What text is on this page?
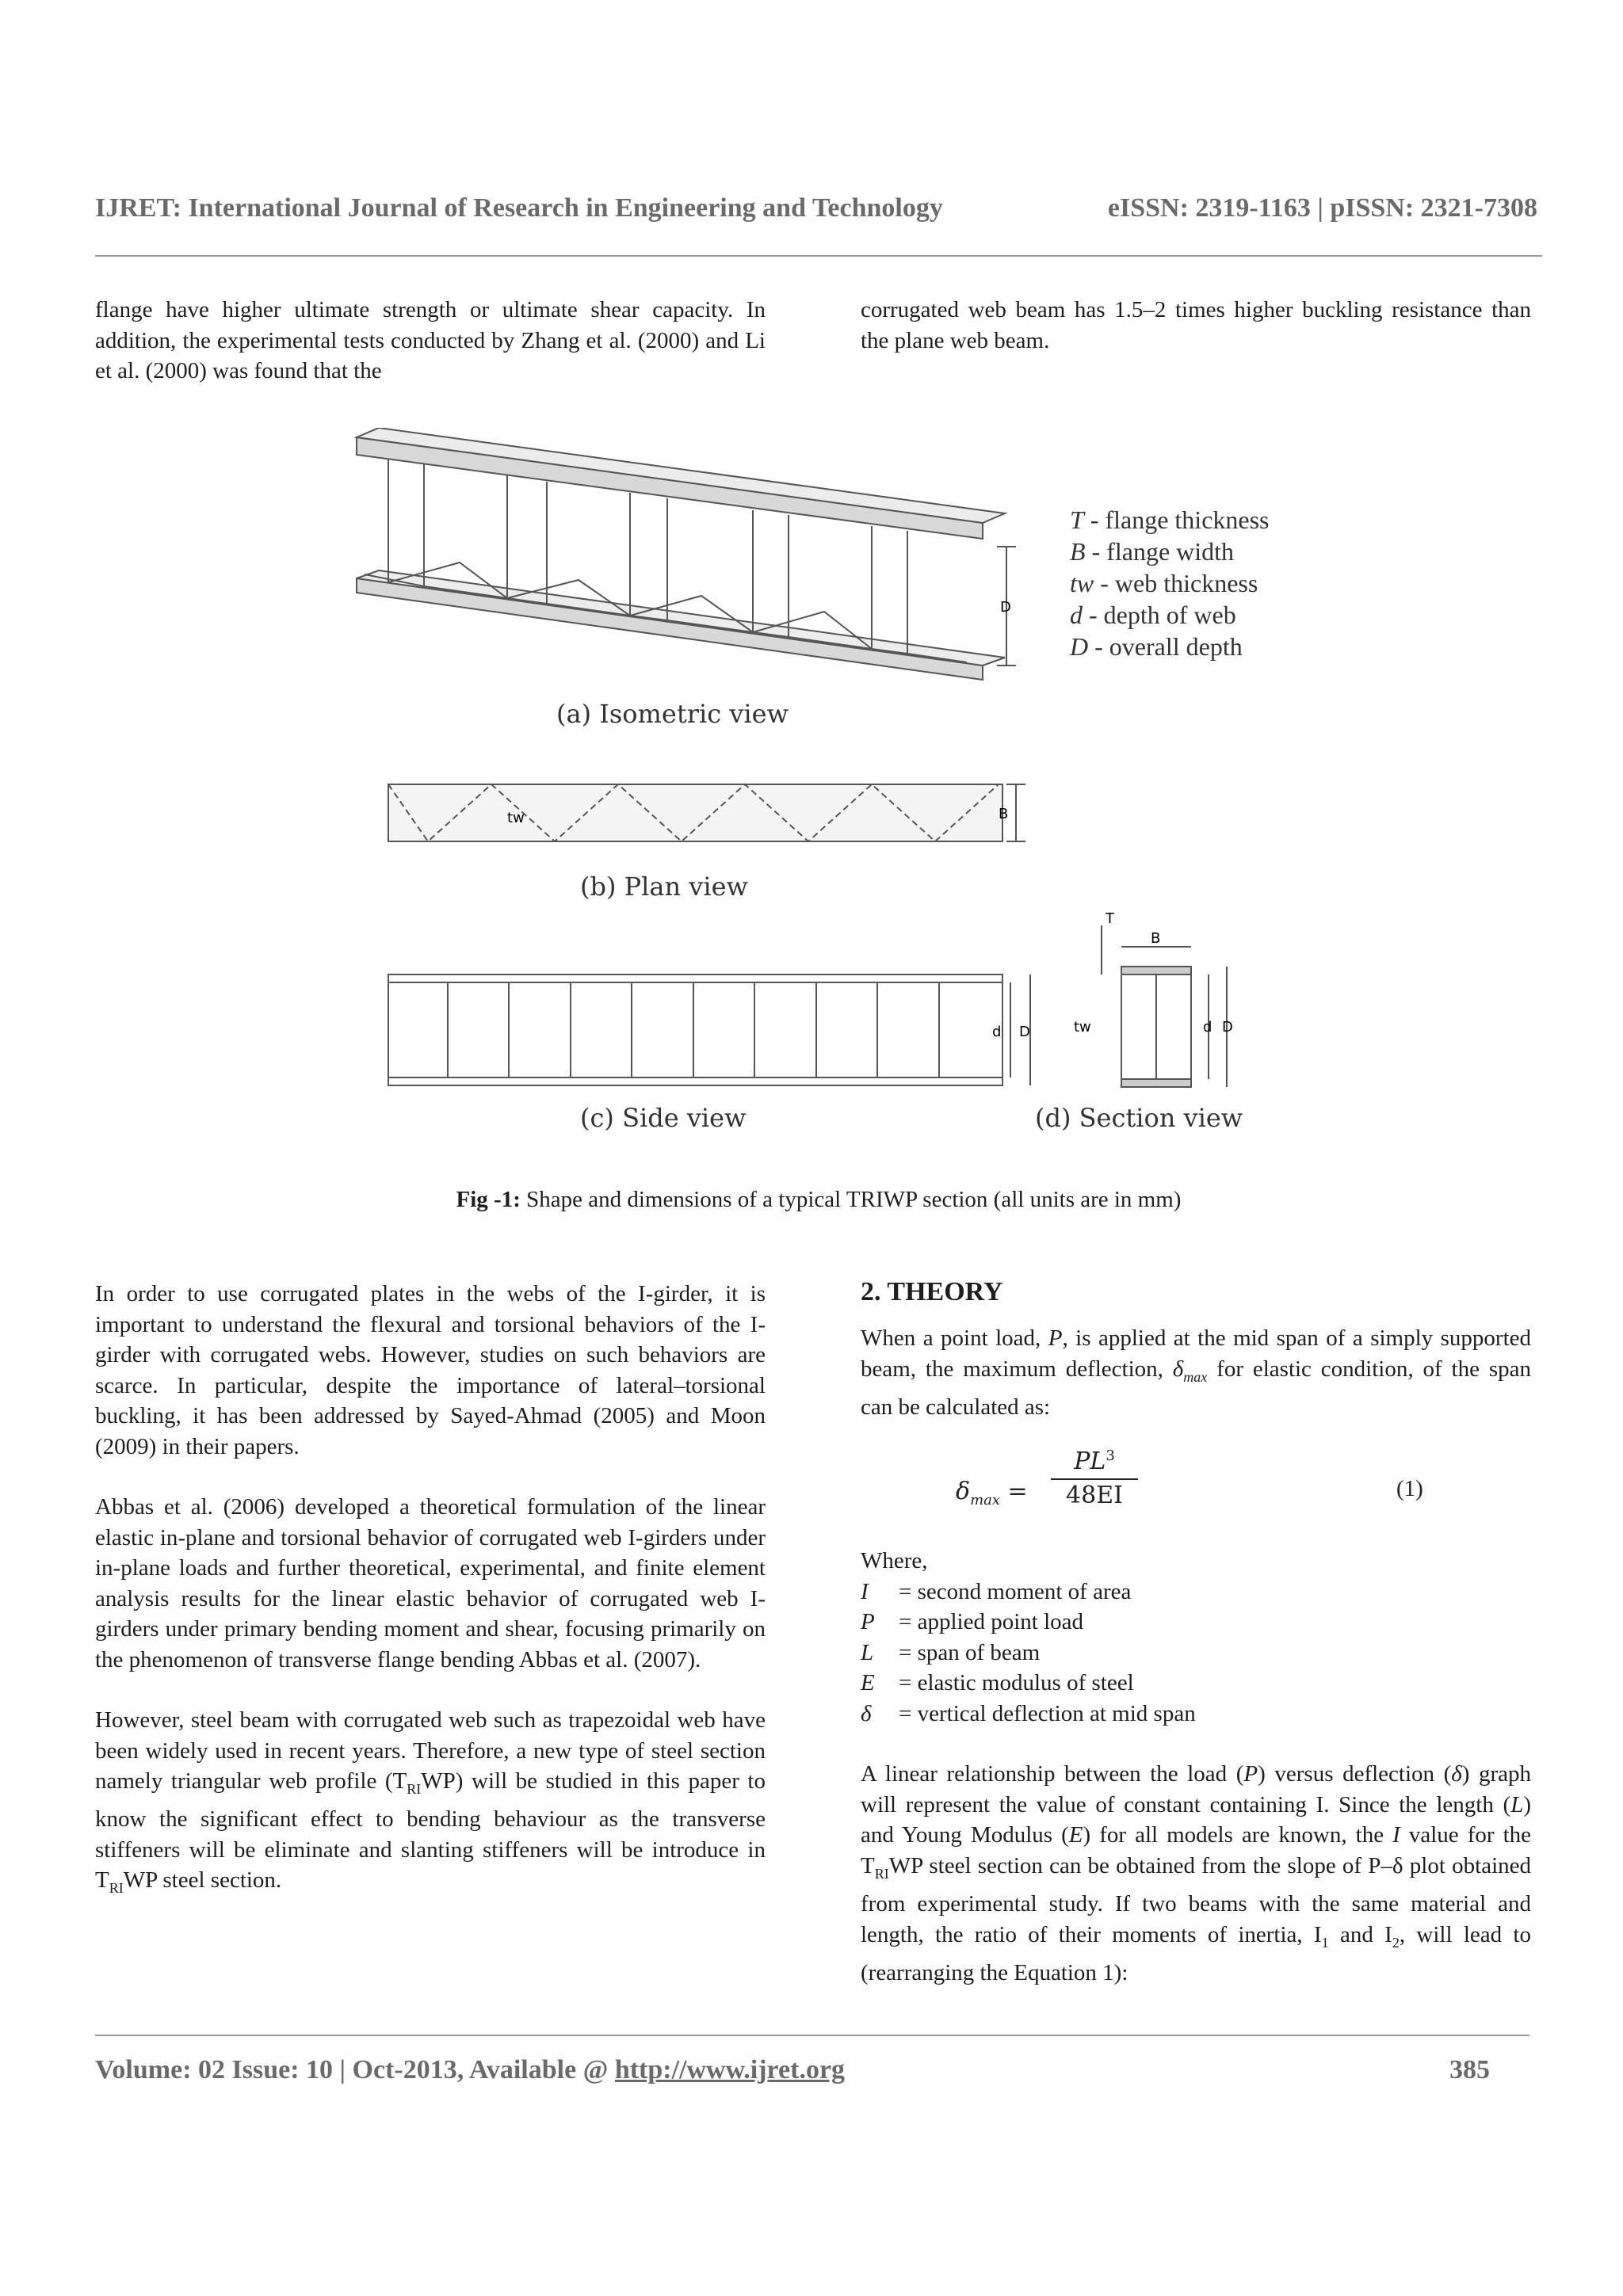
IJRET: International Journal of Research in Engineering and Technology	eISSN: 2319-1163 | pISSN: 2321-7308

flange have higher ultimate strength or ultimate shear capacity. In addition, the experimental tests conducted by Zhang et al. (2000) and Li et al. (2000) was found that the

corrugated web beam has 1.5–2 times higher buckling resistance than the plane web beam.

D
B
tw
d D
T
B
tw	d D
T - flange thickness
B - flange width
tw - web thickness
d - depth of web
D - overall depth
(a) Isometric view
(b) Plan view
(c) Side view	(d) Section view
Fig -1: Shape and dimensions of a typical TRIWP section (all units are in mm)

In order to use corrugated plates in the webs of the I-girder, it is important to understand the flexural and torsional behaviors of the I-girder with corrugated webs. However, studies on such behaviors are scarce. In particular, despite the importance of lateral–torsional buckling, it has been addressed by Sayed-Ahmad (2005) and Moon (2009) in their papers.

Abbas et al. (2006) developed a theoretical formulation of the linear elastic in-plane and torsional behavior of corrugated web I-girders under in-plane loads and further theoretical, experimental, and finite element analysis results for the linear elastic behavior of corrugated web I-girders under primary bending moment and shear, focusing primarily on the phenomenon of transverse flange bending Abbas et al. (2007).

However, steel beam with corrugated web such as trapezoidal web have been widely used in recent years. Therefore, a new type of steel section namely triangular web profile $(T_{RI}WP)$ will be studied in this paper to know the significant effect to bending behaviour as the transverse stiffeners will be eliminate and slanting stiffeners will be introduce in $T_{RI}WP$ steel section.

2. THEORY
When a point load, P, is applied at the mid span of a simply supported beam, the maximum deflection, $\delta_{max}$ for elastic condition, of the span can be calculated as:
$\delta_{max}$ =
$PL^3$
48EI	(1)
Where,
I	= second moment of area
P	= applied point load
L	= span of beam
E	= elastic modulus of steel
δ	= vertical deflection at mid span
A linear relationship between the load (P) versus deflection (δ) graph will represent the value of constant containing I. Since the length (L) and Young Modulus (E) for all models are known, the I value for the $T_{RI}WP$ steel section can be obtained from the slope of P–δ plot obtained from experimental study. If two beams with the same material and length, the ratio of their moments of inertia, $I_1$ and $I_2$, will lead to (rearranging the Equation 1):
Volume: 02 Issue: 10 | Oct-2013, Available @ http://www.ijret.org	385
